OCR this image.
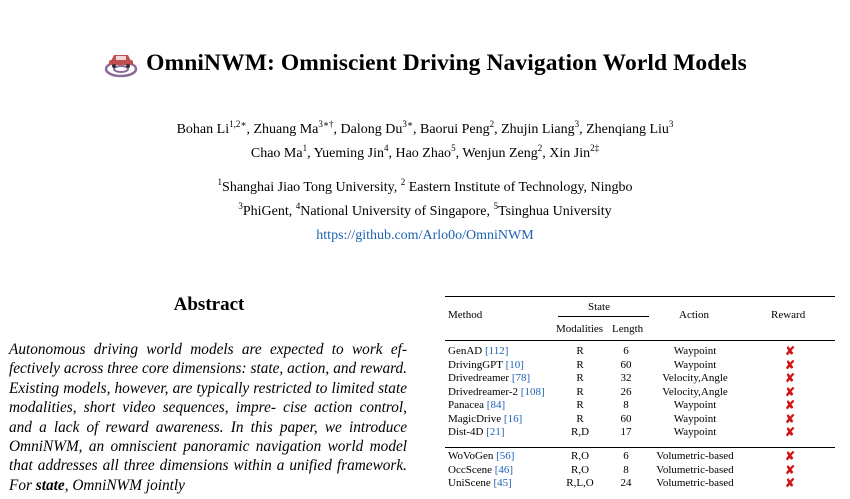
OmniNWM: Omniscient Driving Navigation World Models
Bohan $Li^{1,2∗}$, Zhuang $Ma^{3∗\dagger}$, Dalong $Du^{3∗}$, Baorui Peng$^2$, Zhujin Liang$^3$, Zhenqiang Liu$^3$
Chao Ma$^1$, Yueming Jin$^4$, Hao Zhao$^5$, Wenjun Zeng$^2$, Xin Jin$^{2\ddagger}$
$^1$Shanghai Jiao Tong University, $^2$ Eastern Institute of Technology, Ningbo
$^3$PhiGent, $^4$National University of Singapore, $^5$Tsinghua University
https://github.com/Arlo0o/OmniNWM
Abstract
Autonomous driving world models are expected to work ef- fectively across three core dimensions: state, action, and reward. Existing models, however, are typically restricted to limited state modalities, short video sequences, impre- cise action control, and a lack of reward awareness. In this paper, we introduce OmniNWM, an omniscient panoramic navigation world model that addresses all three dimensions within a unified framework. For state, OmniNWM jointly
Method
State
Modalities Length
Action	Reward
GenAD [112]	R	6	Waypoint	✘
DrivingGPT [10]	R	60	Waypoint	✘
Drivedreamer [78]	R	32	Velocity,Angle	✘
Drivedreamer-2 [108]	R	26	Velocity,Angle	✘
Panacea [84]	R	8	Waypoint	✘
MagicDrive [16]	R	60	Waypoint	✘
Dist-4D [21]	R,D	17	Waypoint	✘
WoVoGen [56]	R,O	6	Volumetric-based	✘
OccScene [46]	R,O	8	Volumetric-based	✘
UniScene [45]	R,L,O	24	Volumetric-based	✘
